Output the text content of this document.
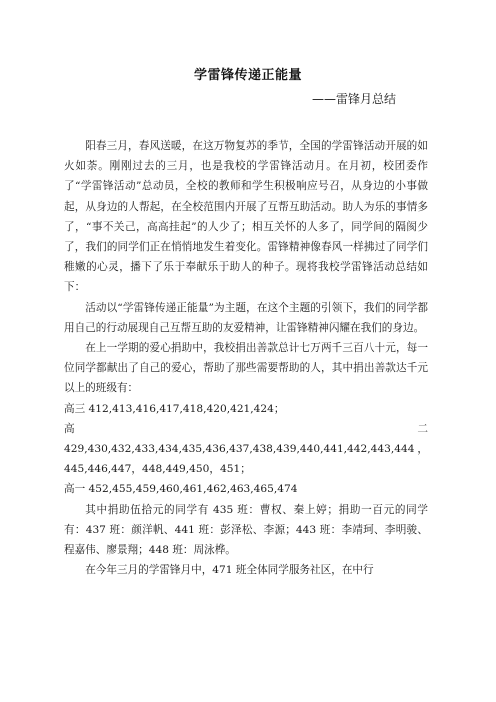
学雷锋传递正能量
——雷锋月总结

阳春三月，春风送暖，在这万物复苏的季节，全国的学雷锋活动开展的如火如荼。刚刚过去的三月，也是我校的学雷锋活动月。在月初，校团委作了“学雷锋活动”总动员，全校的教师和学生积极响应号召，从身边的小事做起，从身边的人帮起，在全校范围内开展了互帮互助活动。助人为乐的事情多了，“事不关己，高高挂起”的人少了；相互关怀的人多了，同学间的隔阂少了，我们的同学们正在悄悄地发生着变化。雷锋精神像春风一样拂过了同学们稚嫩的心灵，播下了乐于奉献乐于助人的种子。现将我校学雷锋活动总结如下：

活动以“学雷锋传递正能量”为主题，在这个主题的引领下，我们的同学都用自己的行动展现自己互帮互助的友爱精神，让雷锋精神闪耀在我们的身边。

在上一学期的爱心捐助中，我校捐出善款总计七万两千三百八十元，每一位同学都献出了自己的爱心，帮助了那些需要帮助的人，其中捐出善款达千元以上的班级有：

高三 412,413,416,417,418,420,421,424；

高二　429,430,432,433,434,435,436,437,438,439,440,441,442,443,444，445,446,447，448,449,450，451；

高一 452,455,459,460,461,462,463,465,474

其中捐助伍拾元的同学有 435 班：曹权、秦上婷；捐助一百元的同学有：437 班：颜洋帆、441 班：彭泽松、李源；443 班：李靖珂、李明骏、程嘉伟、廖景翔；448 班：周泳桦。

在今年三月的学雷锋月中，471 班全体同学服务社区，在中行
